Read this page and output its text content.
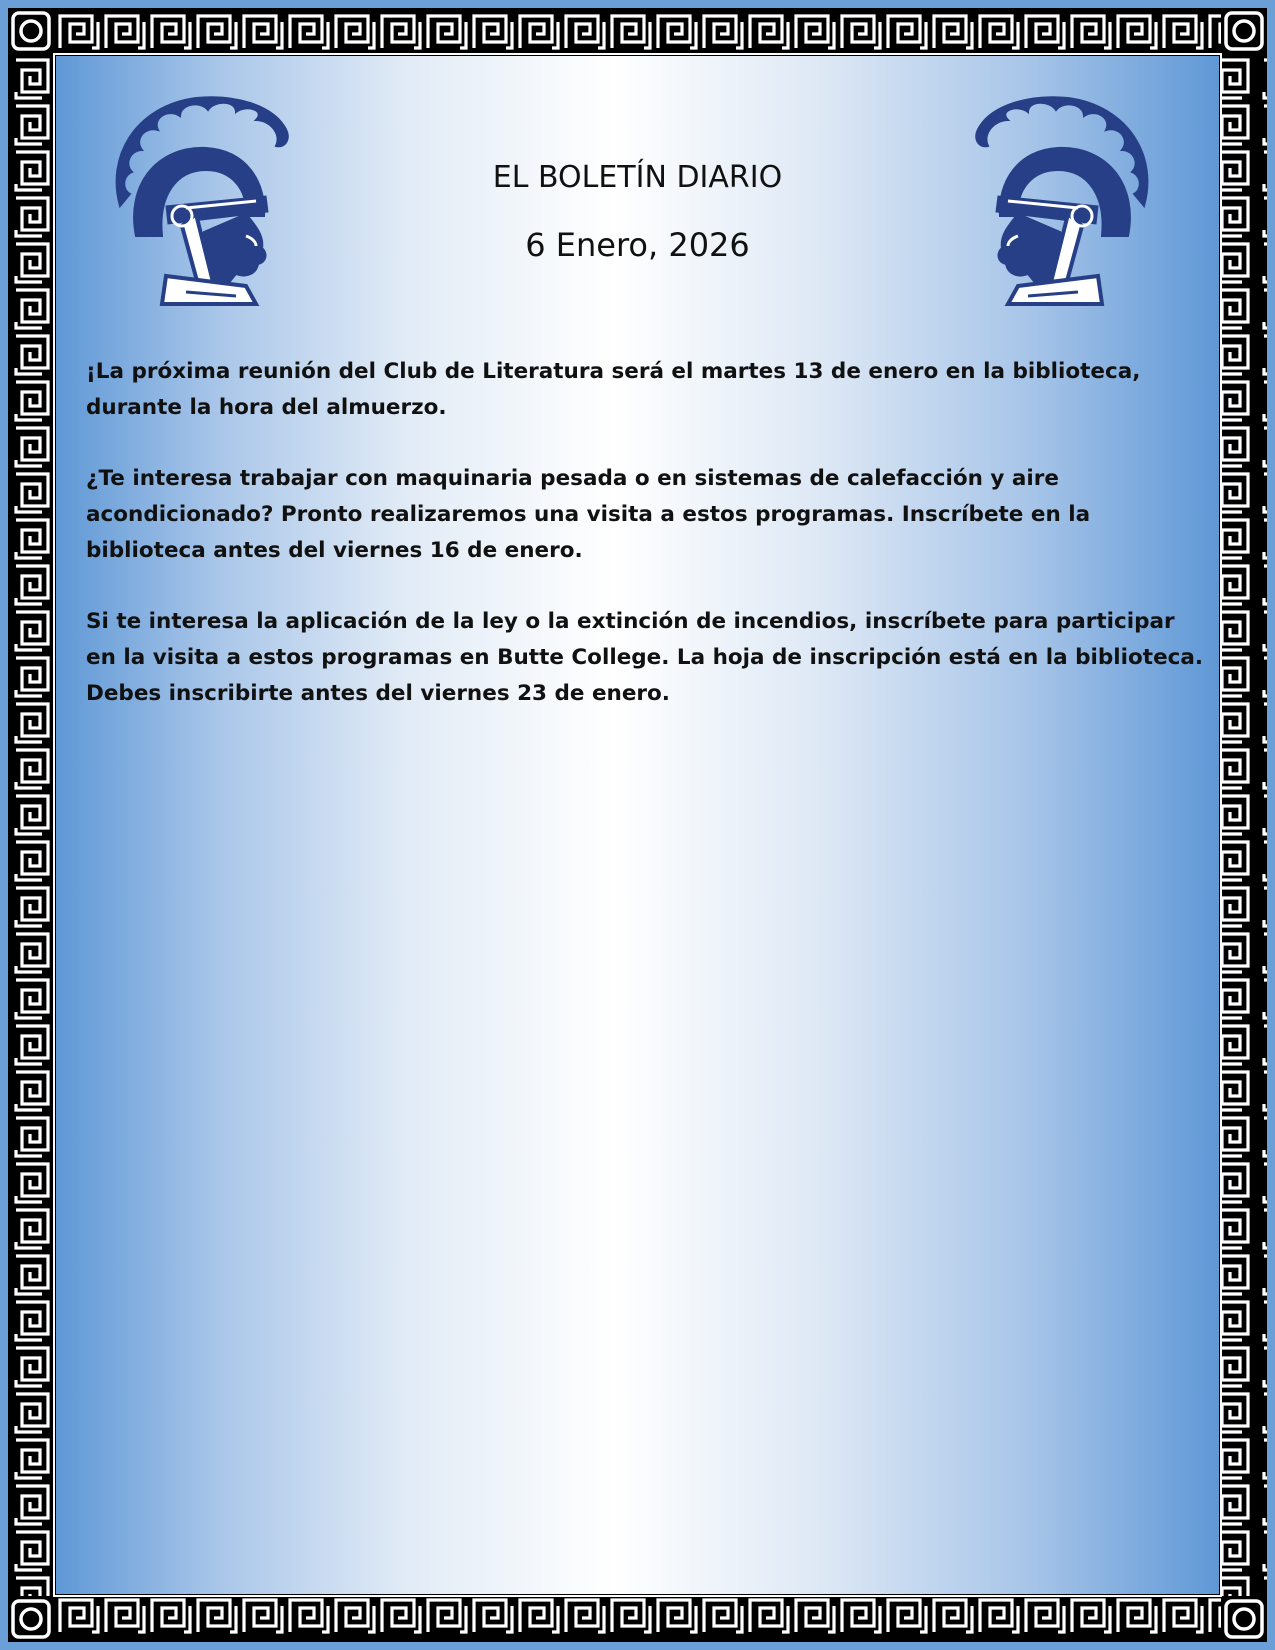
EL BOLETÍN DIARIO
6 Enero, 2026

¡La próxima reunión del Club de Literatura será el martes 13 de enero en la biblioteca, durante la hora del almuerzo.

¿Te interesa trabajar con maquinaria pesada o en sistemas de calefacción y aire acondicionado? Pronto realizaremos una visita a estos programas. Inscríbete en la biblioteca antes del viernes 16 de enero.

Si te interesa la aplicación de la ley o la extinción de incendios, inscríbete para participar en la visita a estos programas en Butte College. La hoja de inscripción está en la biblioteca. Debes inscribirte antes del viernes 23 de enero.
